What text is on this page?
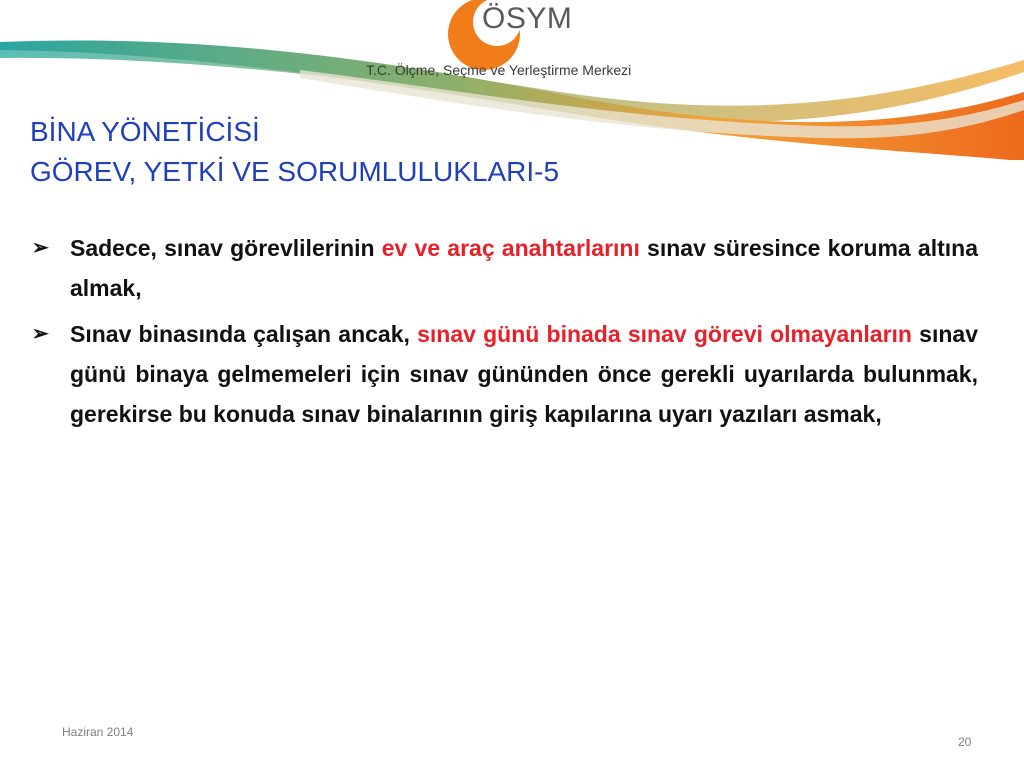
ÖSYM
T.C. Ölçme, Seçme ve Yerleştirme Merkezi
BİNA YÖNETİCİSİ
GÖREV, YETKİ VE SORUMLULUKLARI-5
➢ Sadece, sınav görevlilerinin ev ve araç anahtarlarını sınav süresince koruma altına almak,
➢ Sınav binasında çalışan ancak, sınav günü binada sınav görevi olmayanların sınav günü binaya gelmemeleri için sınav gününden önce gerekli uyarılarda bulunmak, gerekirse bu konuda sınav binalarının giriş kapılarına uyarı yazıları asmak,
Haziran 2014
20
